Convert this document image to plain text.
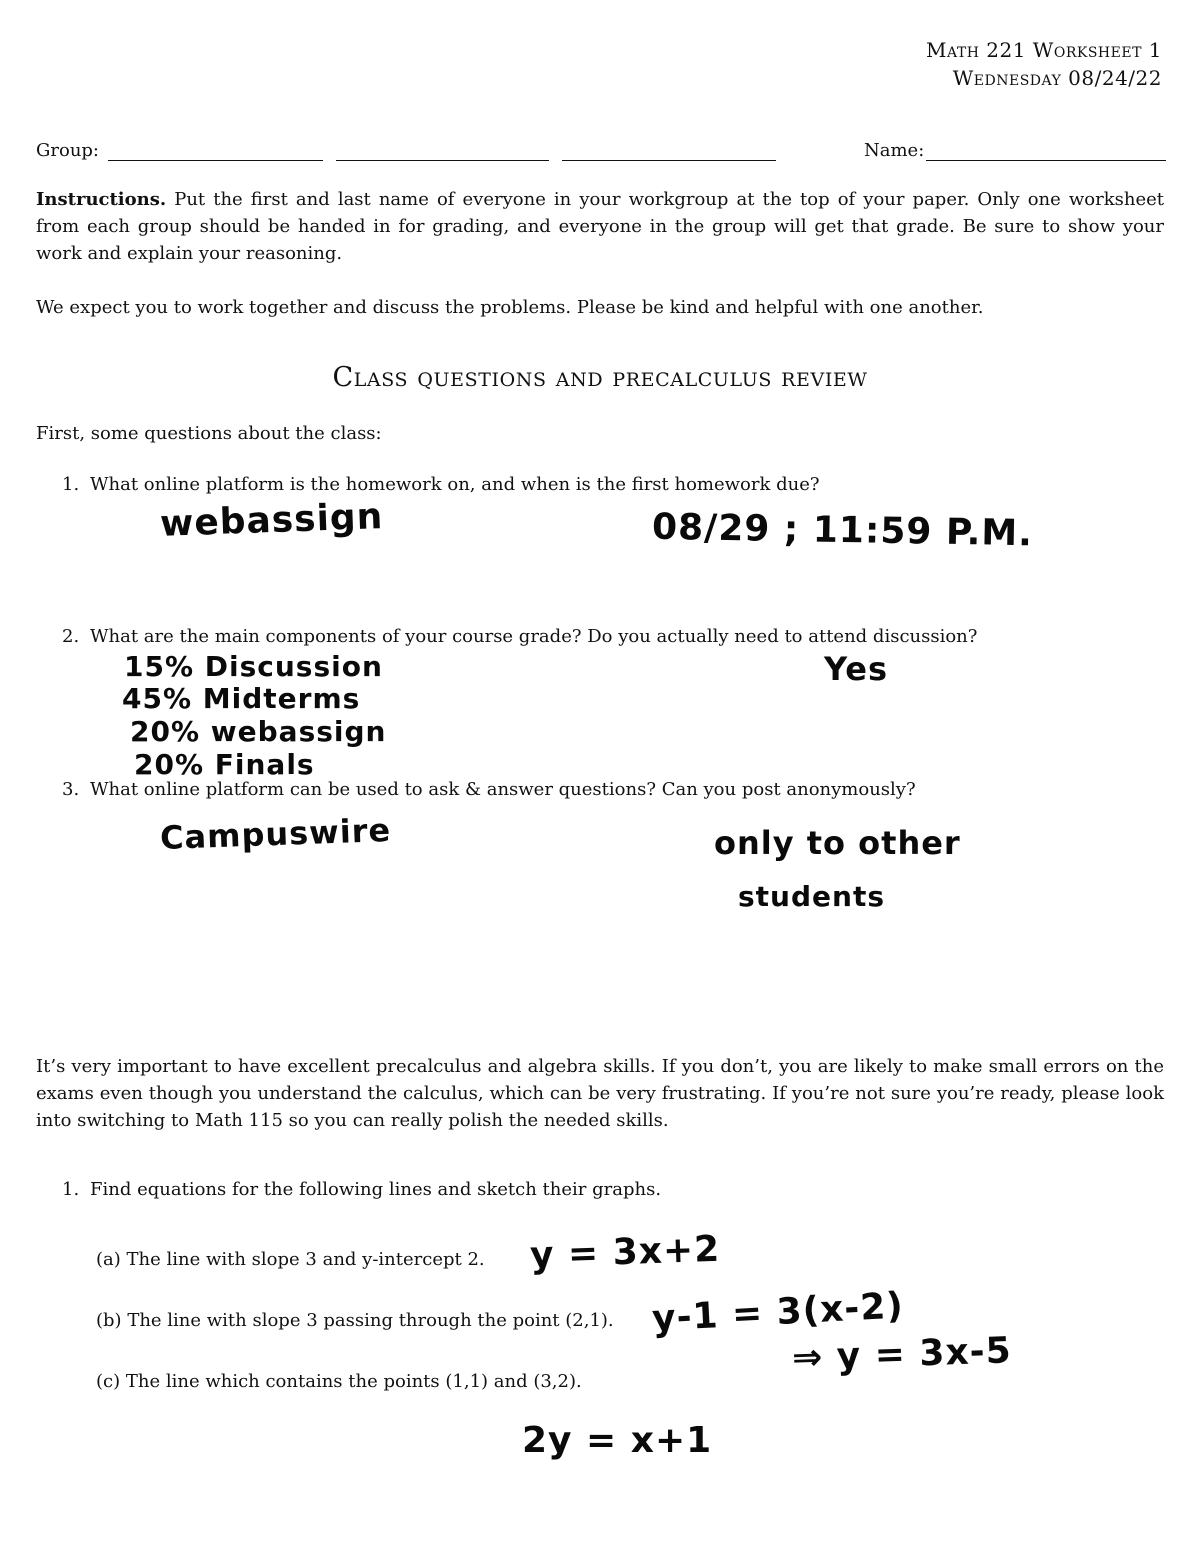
Math 221 Worksheet 1
Wednesday 08/24/22
Group:	Name:
Instructions. Put the first and last name of everyone in your workgroup at the top of your paper. Only one worksheet from each group should be handed in for grading, and everyone in the group will get that grade. Be sure to show your work and explain your reasoning.
We expect you to work together and discuss the problems. Please be kind and helpful with one another.
Class questions and precalculus review
First, some questions about the class:
1. What online platform is the homework on, and when is the first homework due?
webassign	08/29 ; 11:59 P.M.
2. What are the main components of your course grade? Do you actually need to attend discussion?
15% Discussion
45% Midterms
20% webassign
20% Finals
Yes
3. What online platform can be used to ask & answer questions? Can you post anonymously?
Campuswire	only to other
students
It’s very important to have excellent precalculus and algebra skills. If you don’t, you are likely to make small errors on the exams even though you understand the calculus, which can be very frustrating. If you’re not sure you’re ready, please look into switching to Math 115 so you can really polish the needed skills.
1. Find equations for the following lines and sketch their graphs.
(a) The line with slope 3 and y-intercept 2. y = 3x+2
(b) The line with slope 3 passing through the point (2,1). y-1 = 3(x-2)
⇒ y = 3x-5
(c) The line which contains the points (1,1) and (3,2).
2y = x+1
